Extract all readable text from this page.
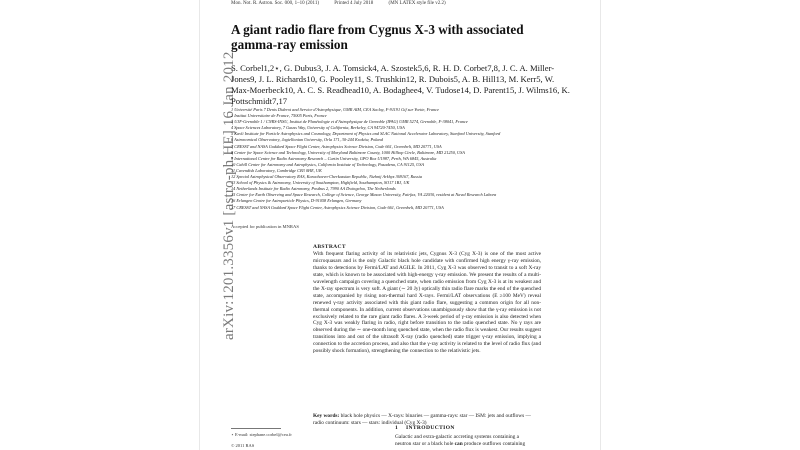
Mon. Not. R. Astron. Soc. 000, 1–10 (2011)	Printed 4 July 2018	(MN LATEX style file v2.2)
arXiv:1201.3356v1 [astro-ph.HE] 16 Jan 2012
A giant radio flare from Cygnus X-3 with associated gamma-ray emission
S. Corbel1,2⋆, G. Dubus3, J. A. Tomsick4, A. Szostek5,6, R. H. D. Corbet7,8, J. C. A. Miller-Jones9, J. L. Richards10, G. Pooley11, S. Trushkin12, R. Dubois5, A. B. Hill13, M. Kerr5, W. Max-Moerbeck10, A. C. S. Readhead10, A. Bodaghee4, V. Tudose14, D. Parent15, J. Wilms16, K. Pottschmidt7,17
1 Université Paris 7 Denis Diderot and Service d'Astrophysique, UMR AIM, CEA Saclay, F-91191 Gif sur Yvette, France
2 Institut Universitaire de France, 75005 Paris, France
3 UJF-Grenoble 1 / CNRS-INSU, Institut de Planétologie et d'Astrophysique de Grenoble (IPAG) UMR 5274, Grenoble, F-38041, France
4 Space Sciences Laboratory, 7 Gauss Way, University of California, Berkeley, CA 94720-7450, USA
5 Kavli Institute for Particle Astrophysics and Cosmology, Department of Physics and SLAC National Accelerator Laboratory, Stanford University, Stanford
6 Astronomical Observatory, Jagiellonian University, Orla 171, 30-244 Kraków, Poland
7 CRESST and NASA Goddard Space Flight Center, Astrophysics Science Division, Code 661, Greenbelt, MD 20771, USA
8 Center for Space Science and Technology, University of Maryland Baltimore County, 1000 Hilltop Circle, Baltimore, MD 21250, USA
9 International Centre for Radio Astronomy Research – Curtin University, GPO Box U1987, Perth, WA 6845, Australia
10 Cahill Center for Astronomy and Astrophysics, California Institute of Technology, Pasadena, CA 91125, USA
11 Cavendish Laboratory, Cambridge CB3 0HE, UK
12 Special Astrophysical Observatory RAS, Karachaevo-Cherkassian Republic, Nizhnij Arkhyz 369167, Russia
13 School of Physics & Astronomy, University of Southampton, Highfield, Southampton, SO17 1BJ, UK
14 Netherlands Institute for Radio Astronomy, Postbus 2, 7990 AA Dwingeloo, The Netherlands
15 Center for Earth Observing and Space Research, College of Science, George Mason University, Fairfax, VA 22030, resident at Naval Research Labora
16 Erlangen Centre for Astroparticle Physics, D-91058 Erlangen, Germany
17 CRESST and NASA Goddard Space Flight Center, Astrophysics Science Division, Code 661, Greenbelt, MD 20771, USA
Accepted for publication in MNRAS
ABSTRACT
With frequent flaring activity of its relativistic jets, Cygnus X-3 (Cyg X-3) is one of the most active microquasars and is the only Galactic black hole candidate with confirmed high energy γ-ray emission, thanks to detections by Fermi/LAT and AGILE. In 2011, Cyg X-3 was observed to transit to a soft X-ray state, which is known to be associated with high-energy γ-ray emission. We present the results of a multi-wavelength campaign covering a quenched state, when radio emission from Cyg X-3 is at its weakest and the X-ray spectrum is very soft. A giant (∼ 20 Jy) optically thin radio flare marks the end of the quenched state, accompanied by rising non-thermal hard X-rays. Fermi/LAT observations (E ≥100 MeV) reveal renewed γ-ray activity associated with this giant radio flare, suggesting a common origin for all non-thermal components. In addition, current observations unambiguously show that the γ-ray emission is not exclusively related to the rare giant radio flares. A 3-week period of γ-ray emission is also detected when Cyg X-3 was weakly flaring in radio, right before transition to the radio quenched state. No γ rays are observed during the ∼ one-month long quenched state, when the radio flux is weakest. Our results suggest transitions into and out of the ultrasoft X-ray (radio quenched) state trigger γ-ray emission, implying a connection to the accretion process, and also that the γ-ray activity is related to the level of radio flux (and possibly shock formation), strengthening the connection to the relativistic jets.
Key words: black hole physics — X-rays: binaries — gamma-rays: star — ISM: jets and outflows — radio continuum: stars — stars: individual (Cyg X-3)
⋆ E-mail: stephane.corbel@cea.fr
© 2011 RAS
1 INTRODUCTION
Galactic and extra-galactic accreting systems containing a
neutron star or a black hole can produce outflows containing
